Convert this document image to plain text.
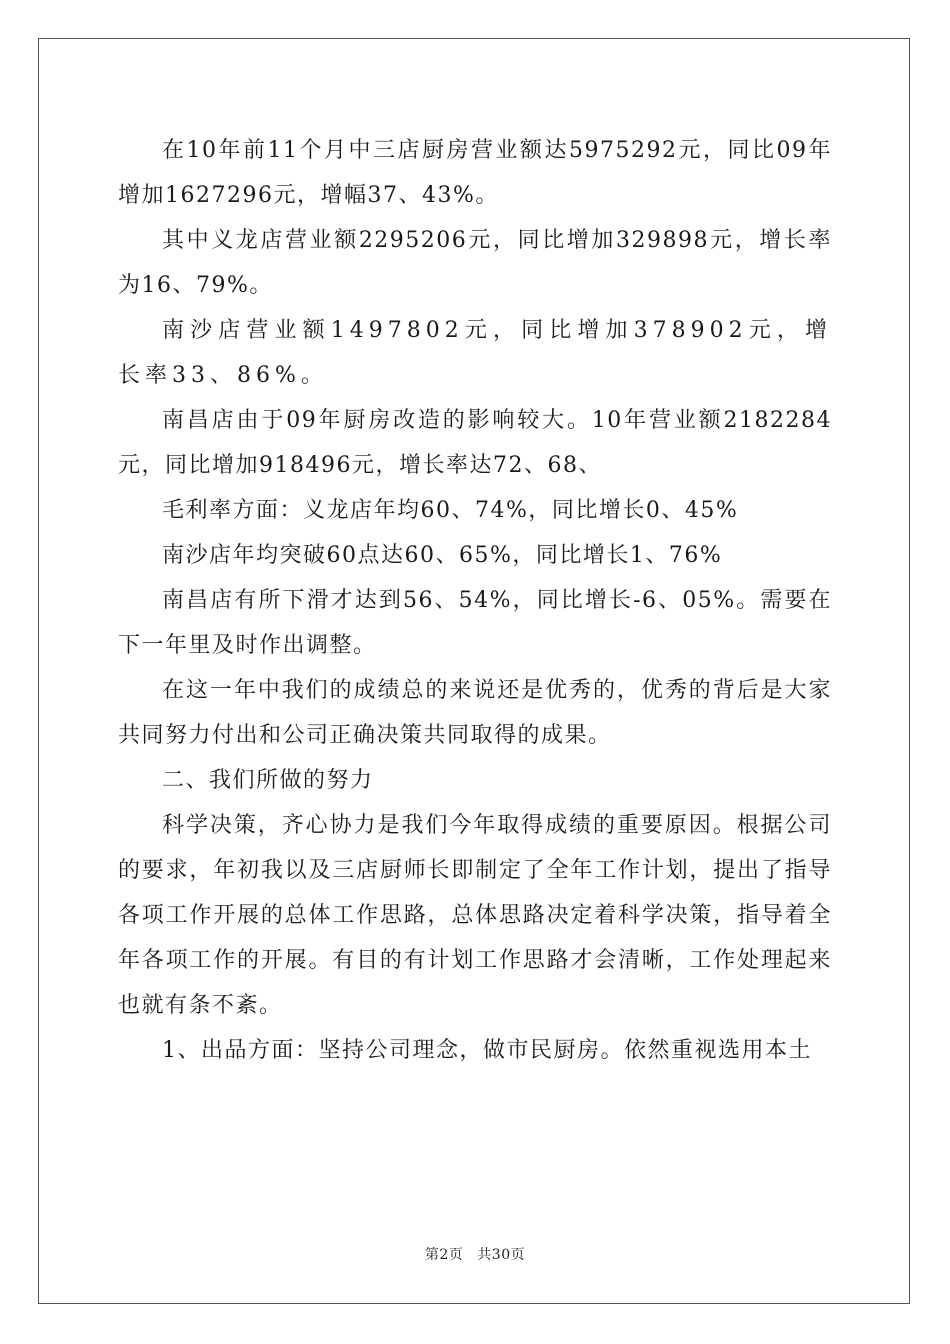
在10年前11个月中三店厨房营业额达5975292元，同比09年增加1627296元，增幅37、43%。

其中义龙店营业额2295206元，同比增加329898元，增长率为16、79%。

南沙店营业额1497802元，同比增加378902元，增长率33、86%。

南昌店由于09年厨房改造的影响较大。10年营业额2182284元，同比增加918496元，增长率达72、68、

毛利率方面：义龙店年均60、74%，同比增长0、45%

南沙店年均突破60点达60、65%，同比增长1、76%

南昌店有所下滑才达到56、54%，同比增长-6、05%。需要在下一年里及时作出调整。

在这一年中我们的成绩总的来说还是优秀的，优秀的背后是大家共同努力付出和公司正确决策共同取得的成果。

二、我们所做的努力

科学决策，齐心协力是我们今年取得成绩的重要原因。根据公司的要求，年初我以及三店厨师长即制定了全年工作计划，提出了指导各项工作开展的总体工作思路，总体思路决定着科学决策，指导着全年各项工作的开展。有目的有计划工作思路才会清晰，工作处理起来也就有条不紊。

1、出品方面：坚持公司理念，做市民厨房。依然重视选用本土

第2页 共30页
